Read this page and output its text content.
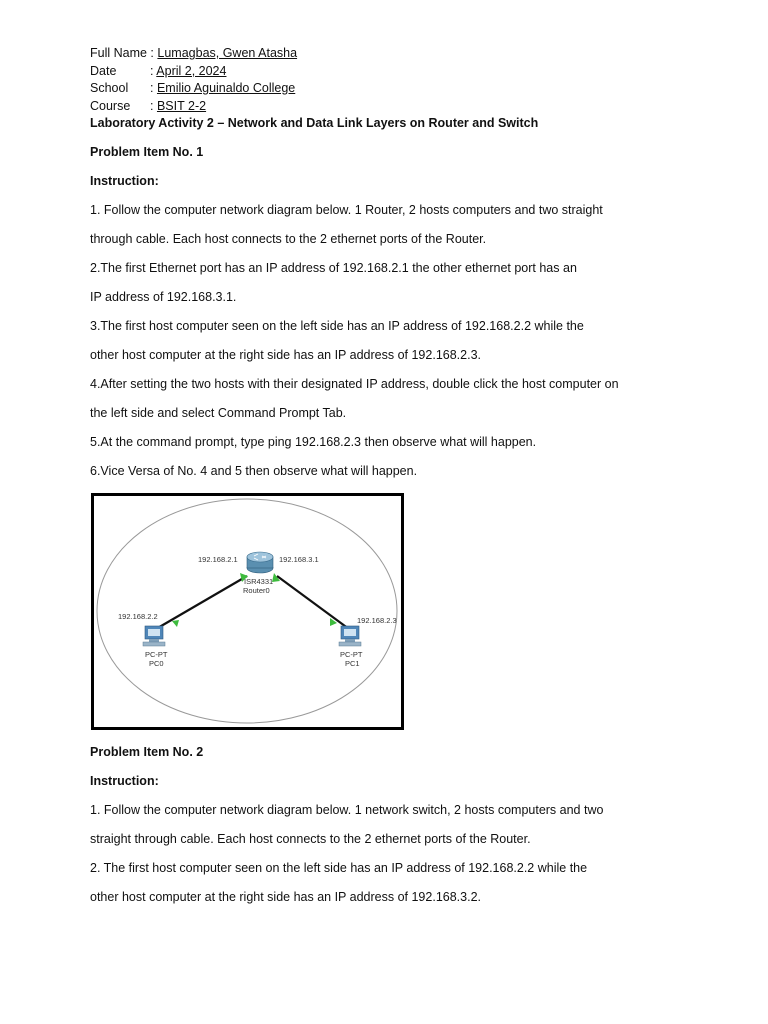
Full Name : Lumagbas, Gwen Atasha
Date	: April 2, 2024
School : Emilio Aguinaldo College
Course : BSIT 2-2
Laboratory Activity 2 – Network and Data Link Layers on Router and Switch

Problem Item No. 1

Instruction:

1. Follow the computer network diagram below. 1 Router, 2 hosts computers and two straight

through cable. Each host connects to the 2 ethernet ports of the Router.

2.The first Ethernet port has an IP address of 192.168.2.1 the other ethernet port has an

IP address of 192.168.3.1.

3.The first host computer seen on the left side has an IP address of 192.168.2.2 while the

other host computer at the right side has an IP address of 192.168.2.3.

4.After setting the two hosts with their designated IP address, double click the host computer on

the left side and select Command Prompt Tab.

5.At the command prompt, type ping 192.168.2.3 then observe what will happen.

6.Vice Versa of No. 4 and 5 then observe what will happen.

192.168.2.1	192.168.3.1
ISR4331
Router0
192.168.2.2
PC-PT
PC0
192.168.2.3
PC-PT
PC1

Problem Item No. 2

Instruction:

1. Follow the computer network diagram below. 1 network switch, 2 hosts computers and two

straight through cable. Each host connects to the 2 ethernet ports of the Router.

2. The first host computer seen on the left side has an IP address of 192.168.2.2 while the

other host computer at the right side has an IP address of 192.168.3.2.
